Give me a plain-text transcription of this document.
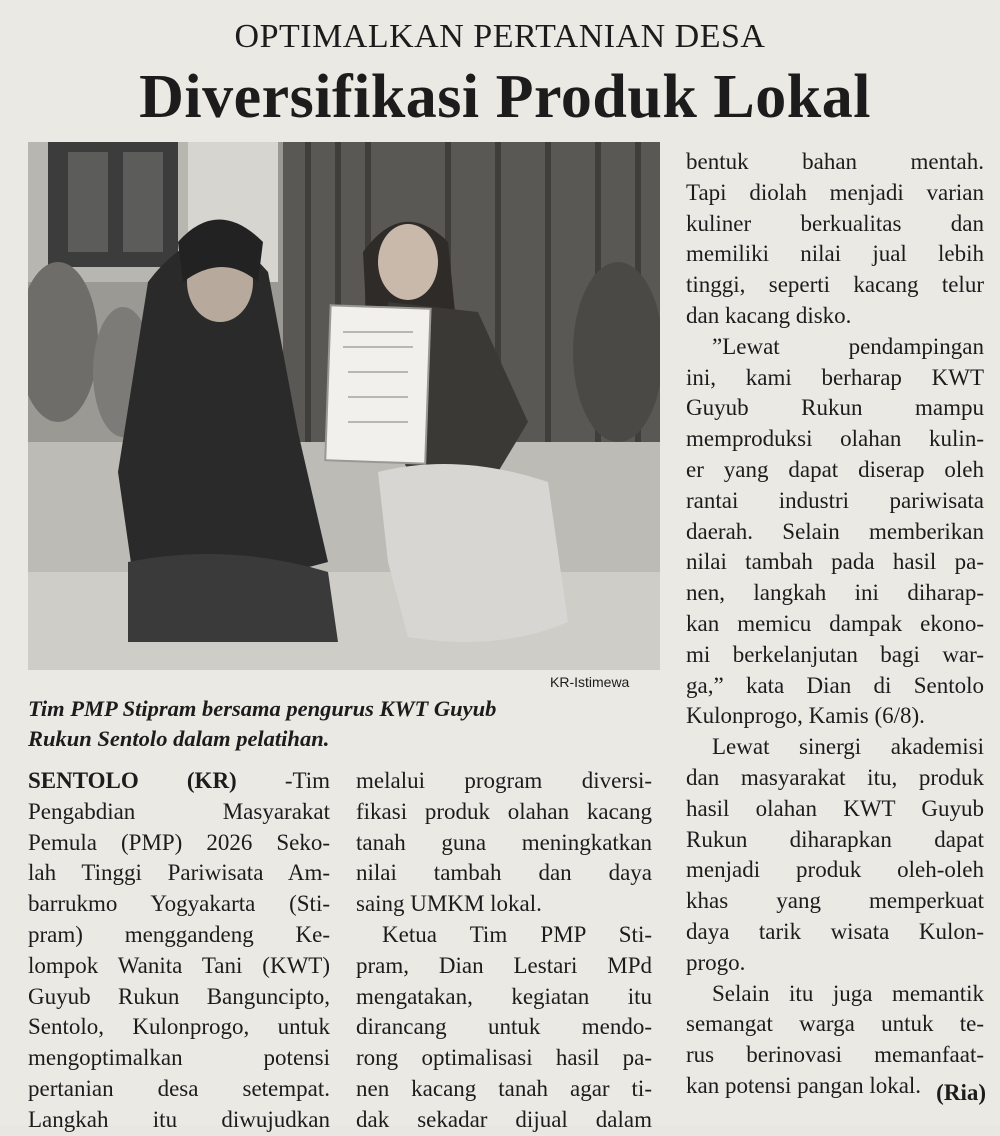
OPTIMALKAN PERTANIAN DESA
Diversifikasi Produk Lokal
KR-Istimewa
Tim PMP Stipram bersama pengurus KWT Guyub
Rukun Sentolo dalam pelatihan.
SENTOLO (KR) -Tim
Pengabdian Masyarakat
Pemula (PMP) 2026 Seko-
lah Tinggi Pariwisata Am-
barrukmo Yogyakarta (Sti-
pram) menggandeng Ke-
lompok Wanita Tani (KWT)
Guyub Rukun Banguncipto,
Sentolo, Kulonprogo, untuk
mengoptimalkan potensi
pertanian desa setempat.
Langkah itu diwujudkan
melalui program diversi-
fikasi produk olahan kacang
tanah guna meningkatkan
nilai tambah dan daya
saing UMKM lokal.
Ketua Tim PMP Sti-
pram, Dian Lestari MPd
mengatakan, kegiatan itu
dirancang untuk mendo-
rong optimalisasi hasil pa-
nen kacang tanah agar ti-
dak sekadar dijual dalam
bentuk bahan mentah.
Tapi diolah menjadi varian
kuliner berkualitas dan
memiliki nilai jual lebih
tinggi, seperti kacang telur
dan kacang disko.
”Lewat pendampingan
ini, kami berharap KWT
Guyub Rukun mampu
memproduksi olahan kulin-
er yang dapat diserap oleh
rantai industri pariwisata
daerah. Selain memberikan
nilai tambah pada hasil pa-
nen, langkah ini diharap-
kan memicu dampak ekono-
mi berkelanjutan bagi war-
ga,” kata Dian di Sentolo
Kulonprogo, Kamis (6/8).
Lewat sinergi akademisi
dan masyarakat itu, produk
hasil olahan KWT Guyub
Rukun diharapkan dapat
menjadi produk oleh-oleh
khas yang memperkuat
daya tarik wisata Kulon-
progo.
Selain itu juga memantik
semangat warga untuk te-
rus berinovasi memanfaat-
kan potensi pangan lokal. (Ria)
